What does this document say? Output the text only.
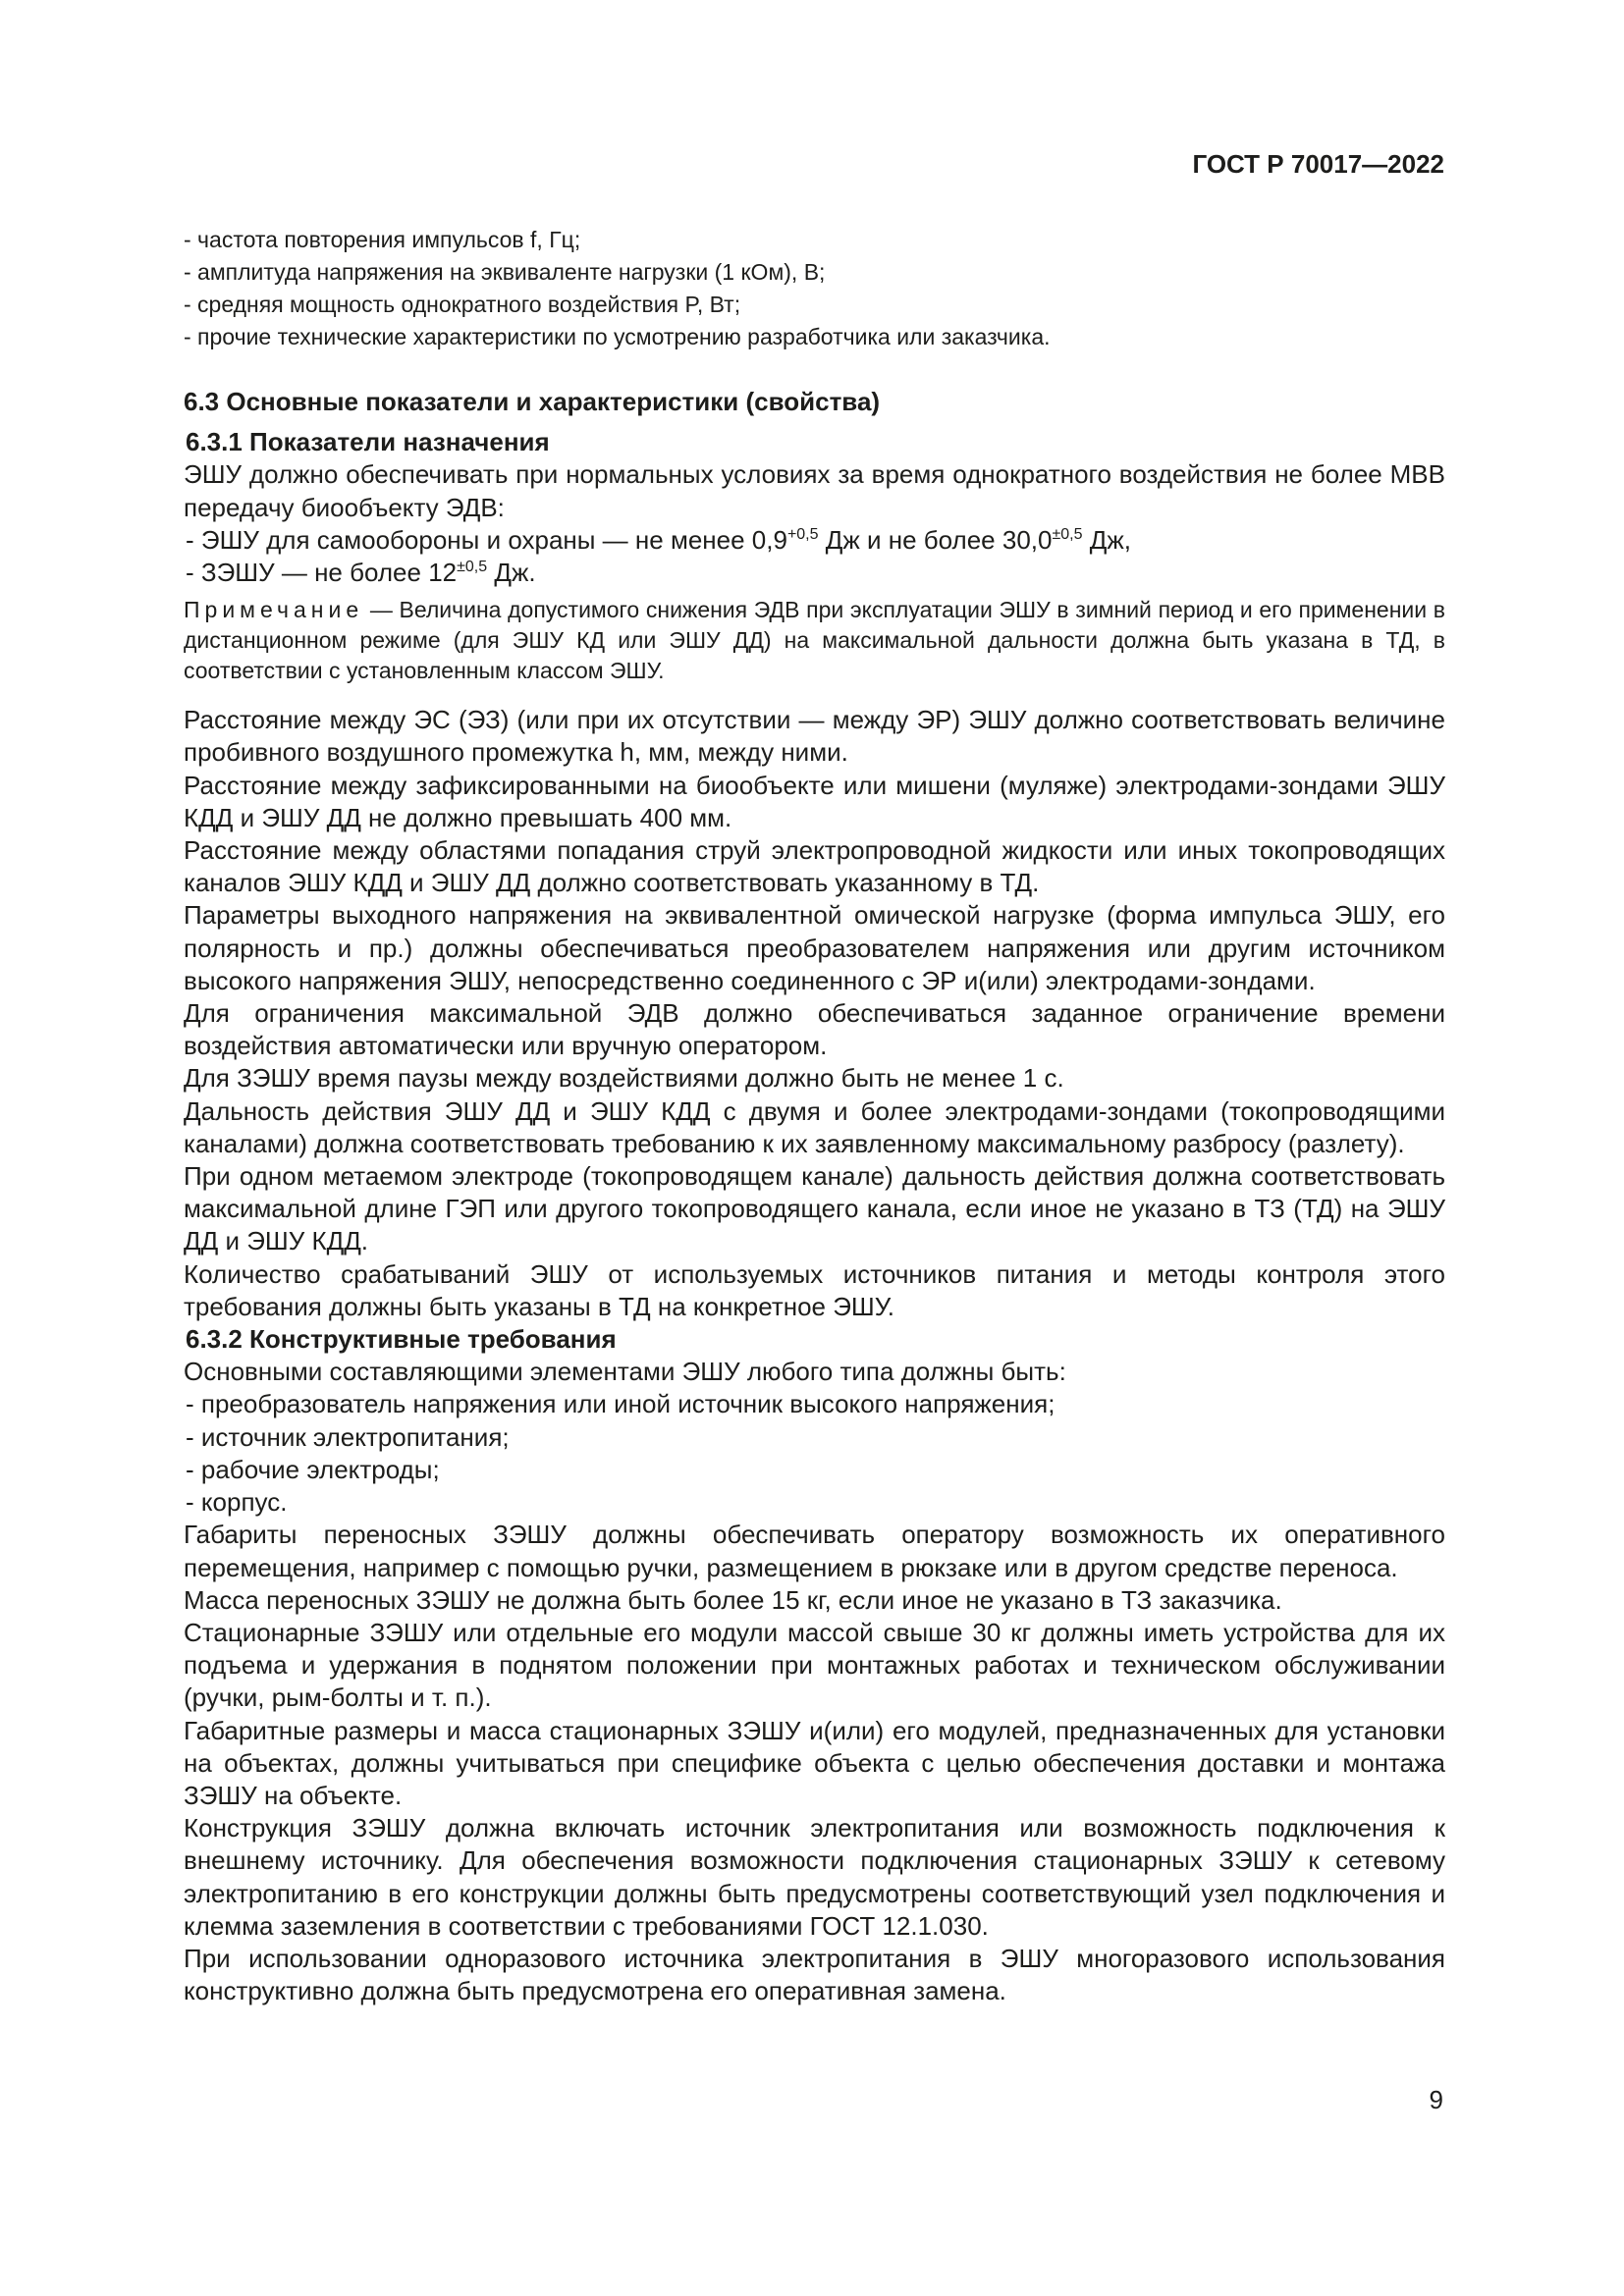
ГОСТ Р 70017—2022
- частота повторения импульсов f, Гц;
- амплитуда напряжения на эквиваленте нагрузки (1 кОм), В;
- средняя мощность однократного воздействия P, Вт;
- прочие технические характеристики по усмотрению разработчика или заказчика.

6.3 Основные показатели и характеристики (свойства)

6.3.1 Показатели назначения

ЭШУ должно обеспечивать при нормальных условиях за время однократного воздействия не более МВВ передачу биообъекту ЭДВ:

- ЭШУ для самообороны и охраны — не менее $0,9^{+0,5}$ Дж и не более $30,0^{\pm 0,5}$ Дж,

- ЗЭШУ — не более $12^{\pm 0,5}$ Дж.

Примечание — Величина допустимого снижения ЭДВ при эксплуатации ЭШУ в зимний период и его применении в дистанционном режиме (для ЭШУ КД или ЭШУ ДД) на максимальной дальности должна быть указана в ТД, в соответствии с установленным классом ЭШУ.

Расстояние между ЭС (ЭЗ) (или при их отсутствии — между ЭР) ЭШУ должно соответствовать величине пробивного воздушного промежутка h, мм, между ними.

Расстояние между зафиксированными на биообъекте или мишени (муляже) электродами-зондами ЭШУ КДД и ЭШУ ДД не должно превышать 400 мм.

Расстояние между областями попадания струй электропроводной жидкости или иных токопроводящих каналов ЭШУ КДД и ЭШУ ДД должно соответствовать указанному в ТД.

Параметры выходного напряжения на эквивалентной омической нагрузке (форма импульса ЭШУ, его полярность и пр.) должны обеспечиваться преобразователем напряжения или другим источником высокого напряжения ЭШУ, непосредственно соединенного с ЭР и(или) электродами-зондами.

Для ограничения максимальной ЭДВ должно обеспечиваться заданное ограничение времени воздействия автоматически или вручную оператором.

Для ЗЭШУ время паузы между воздействиями должно быть не менее 1 с.

Дальность действия ЭШУ ДД и ЭШУ КДД с двумя и более электродами-зондами (токопроводящими каналами) должна соответствовать требованию к их заявленному максимальному разбросу (разлету).

При одном метаемом электроде (токопроводящем канале) дальность действия должна соответствовать максимальной длине ГЭП или другого токопроводящего канала, если иное не указано в ТЗ (ТД) на ЭШУ ДД и ЭШУ КДД.

Количество срабатываний ЭШУ от используемых источников питания и методы контроля этого требования должны быть указаны в ТД на конкретное ЭШУ.

6.3.2 Конструктивные требования

Основными составляющими элементами ЭШУ любого типа должны быть:

- преобразователь напряжения или иной источник высокого напряжения;

- источник электропитания;

- рабочие электроды;

- корпус.

Габариты переносных ЗЭШУ должны обеспечивать оператору возможность их оперативного перемещения, например с помощью ручки, размещением в рюкзаке или в другом средстве переноса.

Масса переносных ЗЭШУ не должна быть более 15 кг, если иное не указано в ТЗ заказчика.

Стационарные ЗЭШУ или отдельные его модули массой свыше 30 кг должны иметь устройства для их подъема и удержания в поднятом положении при монтажных работах и техническом обслуживании (ручки, рым-болты и т. п.).

Габаритные размеры и масса стационарных ЗЭШУ и(или) его модулей, предназначенных для установки на объектах, должны учитываться при специфике объекта с целью обеспечения доставки и монтажа ЗЭШУ на объекте.

Конструкция ЗЭШУ должна включать источник электропитания или возможность подключения к внешнему источнику. Для обеспечения возможности подключения стационарных ЗЭШУ к сетевому электропитанию в его конструкции должны быть предусмотрены соответствующий узел подключения и клемма заземления в соответствии с требованиями ГОСТ 12.1.030.

При использовании одноразового источника электропитания в ЭШУ многоразового использования конструктивно должна быть предусмотрена его оперативная замена.

9
